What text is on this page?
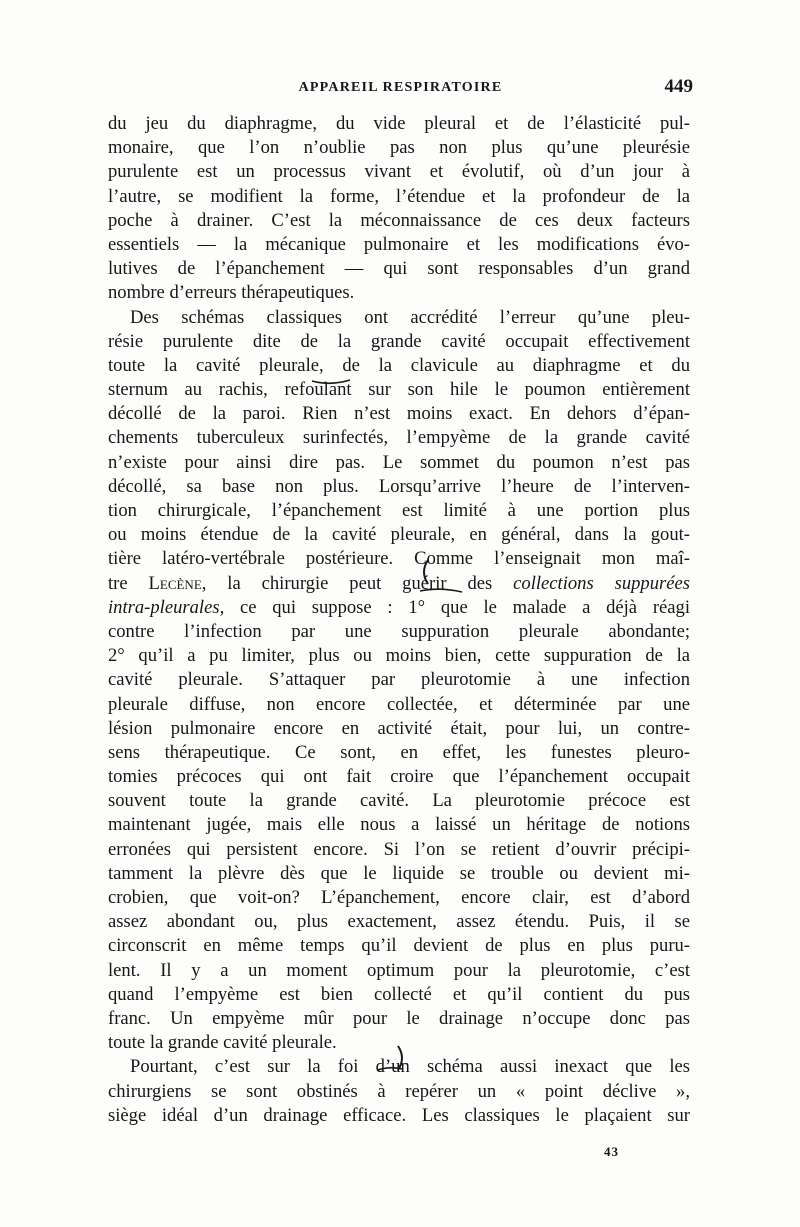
APPAREIL RESPIRATOIRE	449
du jeu du diaphragme, du vide pleural et de l’élasticité pul-
monaire, que l’on n’oublie pas non plus qu’une pleurésie
purulente est un processus vivant et évolutif, où d’un jour à
l’autre, se modifient la forme, l’étendue et la profondeur de la
poche à drainer. C’est la méconnaissance de ces deux facteurs
essentiels — la mécanique pulmonaire et les modifications évo-
lutives de l’épanchement — qui sont responsables d’un grand
nombre d’erreurs thérapeutiques.
Des schémas classiques ont accrédité l’erreur qu’une pleu-
résie purulente dite de la grande cavité occupait effectivement
toute la cavité pleurale, de la clavicule au diaphragme et du
sternum au rachis, refoulant sur son hile le poumon entièrement
décollé de la paroi. Rien n’est moins exact. En dehors d’épan-
chements tuberculeux surinfectés, l’empyème de la grande cavité
n’existe pour ainsi dire pas. Le sommet du poumon n’est pas
décollé, sa base non plus. Lorsqu’arrive l’heure de l’interven-
tion chirurgicale, l’épanchement est limité à une portion plus
ou moins étendue de la cavité pleurale, en général, dans la gout-
tière latéro-vertébrale postérieure. Comme l’enseignait mon maî-
tre Lecène, la chirurgie peut guérir des collections suppurées
intra-pleurales, ce qui suppose : 1° que le malade a déjà réagi
contre l’infection par une suppuration pleurale abondante;
2° qu’il a pu limiter, plus ou moins bien, cette suppuration de la
cavité pleurale. S’attaquer par pleurotomie à une infection
pleurale diffuse, non encore collectée, et déterminée par une
lésion pulmonaire encore en activité était, pour lui, un contre-
sens thérapeutique. Ce sont, en effet, les funestes pleuro-
tomies précoces qui ont fait croire que l’épanchement occupait
souvent toute la grande cavité. La pleurotomie précoce est
maintenant jugée, mais elle nous a laissé un héritage de notions
erronées qui persistent encore. Si l’on se retient d’ouvrir précipi-
tamment la plèvre dès que le liquide se trouble ou devient mi-
crobien, que voit-on? L’épanchement, encore clair, est d’abord
assez abondant ou, plus exactement, assez étendu. Puis, il se
circonscrit en même temps qu’il devient de plus en plus puru-
lent. Il y a un moment optimum pour la pleurotomie, c’est
quand l’empyème est bien collecté et qu’il contient du pus
franc. Un empyème mûr pour le drainage n’occupe donc pas
toute la grande cavité pleurale.
Pourtant, c’est sur la foi d’un schéma aussi inexact que les
chirurgiens se sont obstinés à repérer un « point déclive »,
siège idéal d’un drainage efficace. Les classiques le plaçaient sur
43
